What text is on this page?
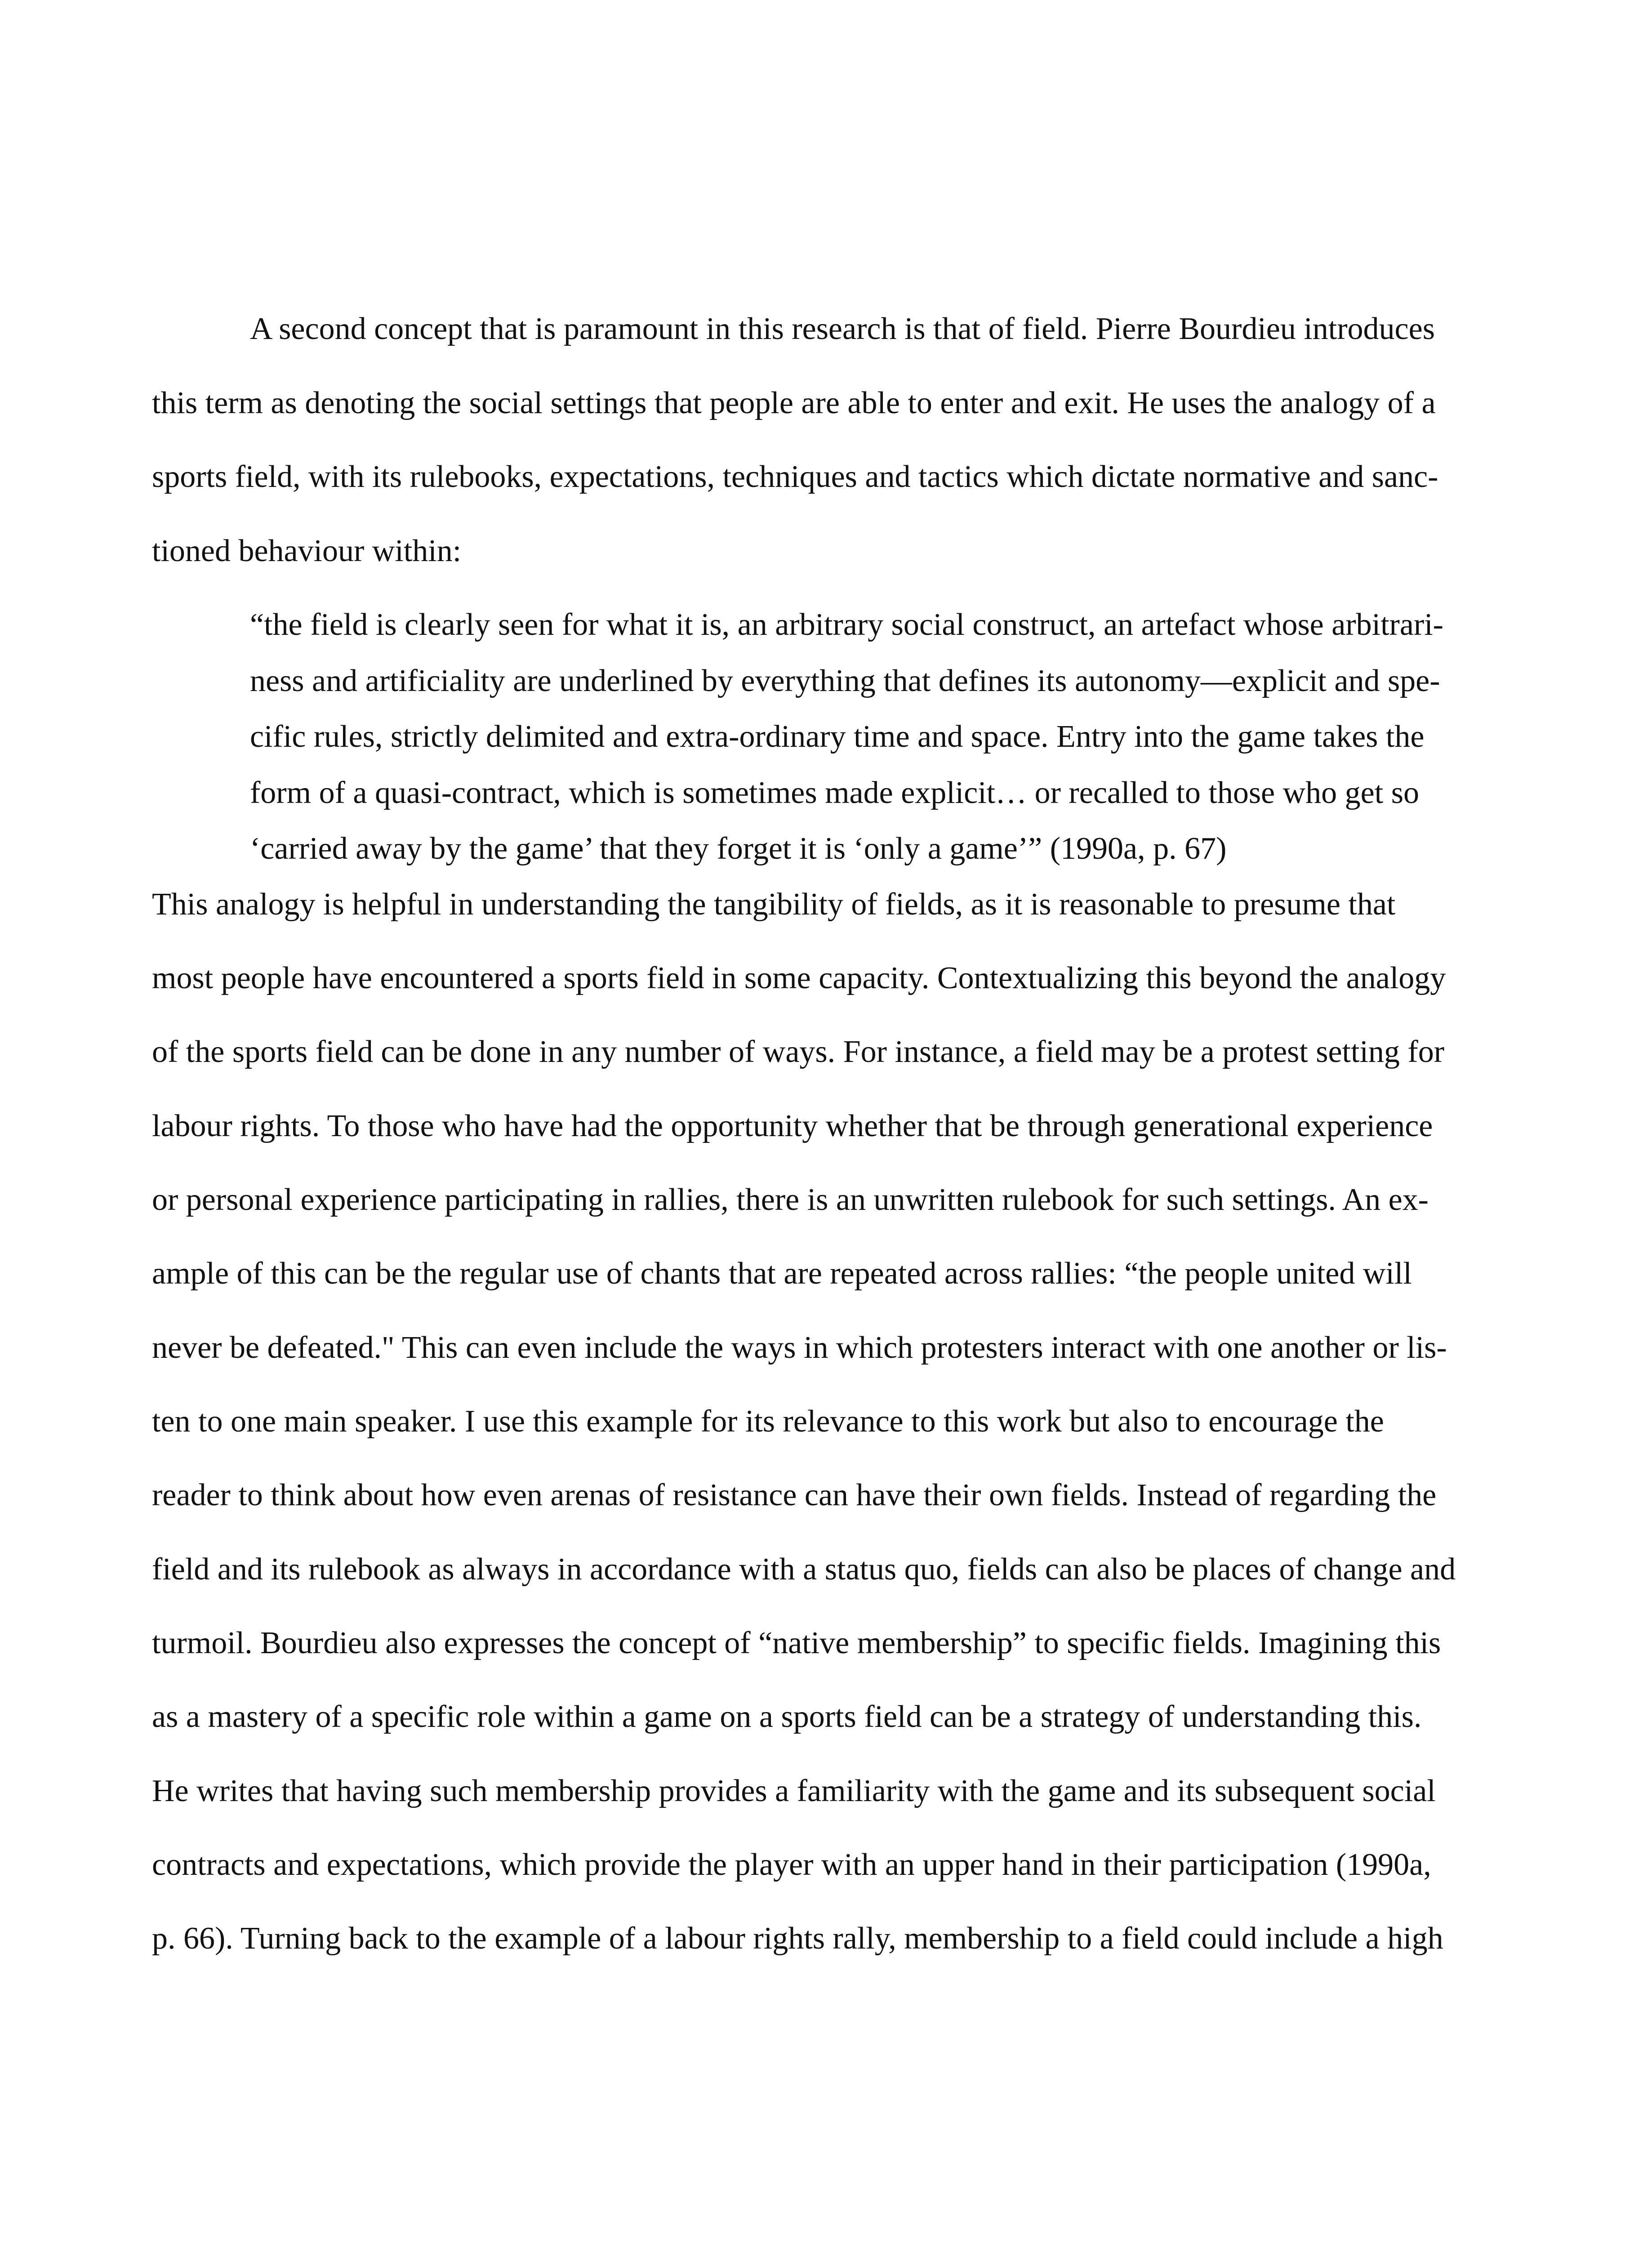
A second concept that is paramount in this research is that of field. Pierre Bourdieu introduces

this term as denoting the social settings that people are able to enter and exit. He uses the analogy of a

sports field, with its rulebooks, expectations, techniques and tactics which dictate normative and sanc-

tioned behaviour within:

“the field is clearly seen for what it is, an arbitrary social construct, an artefact whose arbitrari-

ness and artificiality are underlined by everything that defines its autonomy—explicit and spe-

cific rules, strictly delimited and extra-ordinary time and space. Entry into the game takes the

form of a quasi-contract, which is sometimes made explicit… or recalled to those who get so

‘carried away by the game’ that they forget it is ‘only a game’” (1990a, p. 67)

This analogy is helpful in understanding the tangibility of fields, as it is reasonable to presume that

most people have encountered a sports field in some capacity. Contextualizing this beyond the analogy

of the sports field can be done in any number of ways. For instance, a field may be a protest setting for

labour rights. To those who have had the opportunity whether that be through generational experience

or personal experience participating in rallies, there is an unwritten rulebook for such settings. An ex-

ample of this can be the regular use of chants that are repeated across rallies: “the people united will

never be defeated." This can even include the ways in which protesters interact with one another or lis-

ten to one main speaker. I use this example for its relevance to this work but also to encourage the

reader to think about how even arenas of resistance can have their own fields. Instead of regarding the

field and its rulebook as always in accordance with a status quo, fields can also be places of change and

turmoil. Bourdieu also expresses the concept of “native membership” to specific fields. Imagining this

as a mastery of a specific role within a game on a sports field can be a strategy of understanding this.

He writes that having such membership provides a familiarity with the game and its subsequent social

contracts and expectations, which provide the player with an upper hand in their participation (1990a,

p. 66). Turning back to the example of a labour rights rally, membership to a field could include a high
